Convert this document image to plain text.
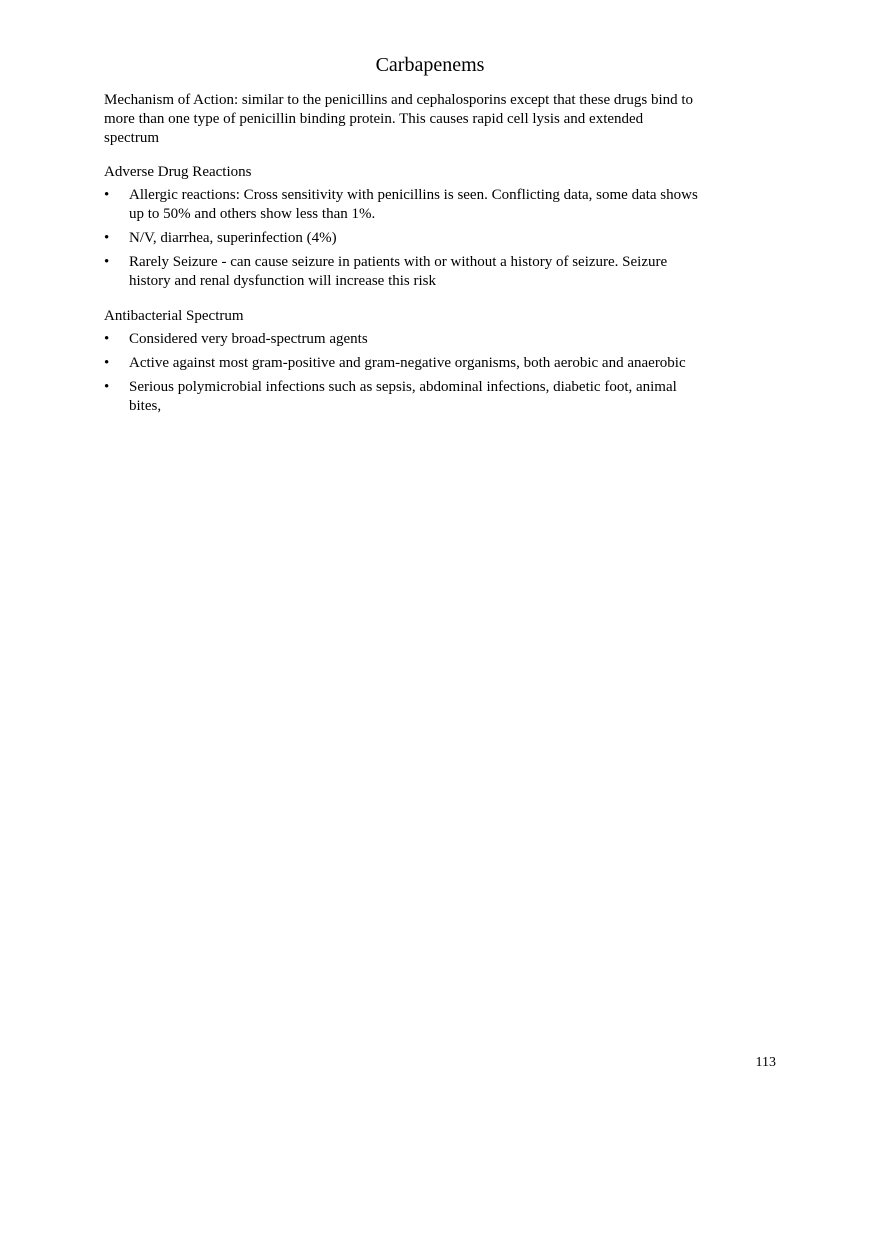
Carbapenems

Mechanism of Action: similar to the penicillins and cephalosporins except that these drugs bind to more than one type of penicillin binding protein. This causes rapid cell lysis and extended spectrum

Adverse Drug Reactions
• Allergic reactions: Cross sensitivity with penicillins is seen. Conflicting data, some data shows up to 50% and others show less than 1%.
• N/V, diarrhea, superinfection (4%)
• Rarely Seizure - can cause seizure in patients with or without a history of seizure. Seizure history and renal dysfunction will increase this risk
Antibacterial Spectrum
• Considered very broad-spectrum agents
• Active against most gram-positive and gram-negative organisms, both aerobic and anaerobic
• Serious polymicrobial infections such as sepsis, abdominal infections, diabetic foot, animal bites,
113
